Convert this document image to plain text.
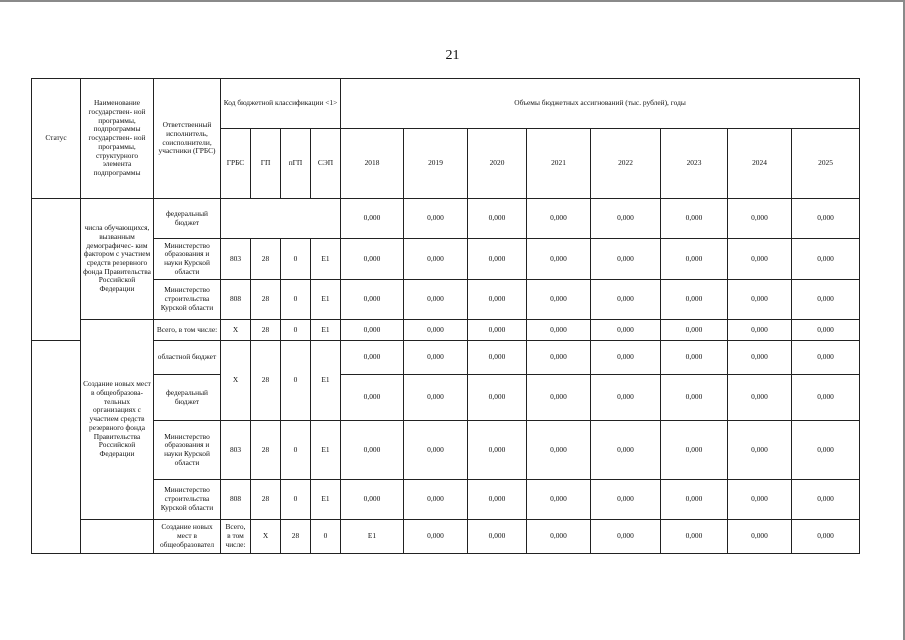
21
Статус	Наименование государствен- ной программы, подпрограммы государствен- ной программы, структурного элемента подпрограммы	Ответственный исполнитель, соисполнители, участники (ГРБС)	Код бюджетной классификации <1>				Объемы бюджетных ассигнований (тыс. рублей), годы								
			ГРБС	ГП	пГП	СЭП	2018	2019	2020	2021	2022	2023	2024	2025	
	числа обучающихся, вызванным демографичес- ким фактором с участием средств резервного фонда Правительства Российской Федерации	федеральный бюджет					0,000	0,000	0,000	0,000	0,000	0,000	0,000	0,000	
		Министерство образования и науки Курской области	803	28	0	E1	0,000	0,000	0,000	0,000	0,000	0,000	0,000	0,000	
		Министерство строительства Курской области	808	28	0	E1	0,000	0,000	0,000	0,000	0,000	0,000	0,000	0,000	
	Создание новых мест в общеобразова- тельных организациях с участием средств резервного фонда Правительства Российской Федерации	Всего, в том числе:	X	28	0	E1	0,000	0,000	0,000	0,000	0,000	0,000	0,000	0,000	
		областной бюджет	X	28	0	E1	0,000	0,000	0,000	0,000	0,000	0,000	0,000	0,000	
		федеральный бюджет					0,000	0,000	0,000	0,000	0,000	0,000	0,000	0,000	
		Министерство образования и науки Курской области	803	28	0	E1	0,000	0,000	0,000	0,000	0,000	0,000	0,000	0,000	
		Министерство строительства Курской области	808	28	0	E1	0,000	0,000	0,000	0,000	0,000	0,000	0,000	0,000	
		Создание новых мест в общеобразовател	Всего, в том числе:	X	28	0	E1	0,000	0,000	0,000	0,000	0,000	0,000	0,000	
